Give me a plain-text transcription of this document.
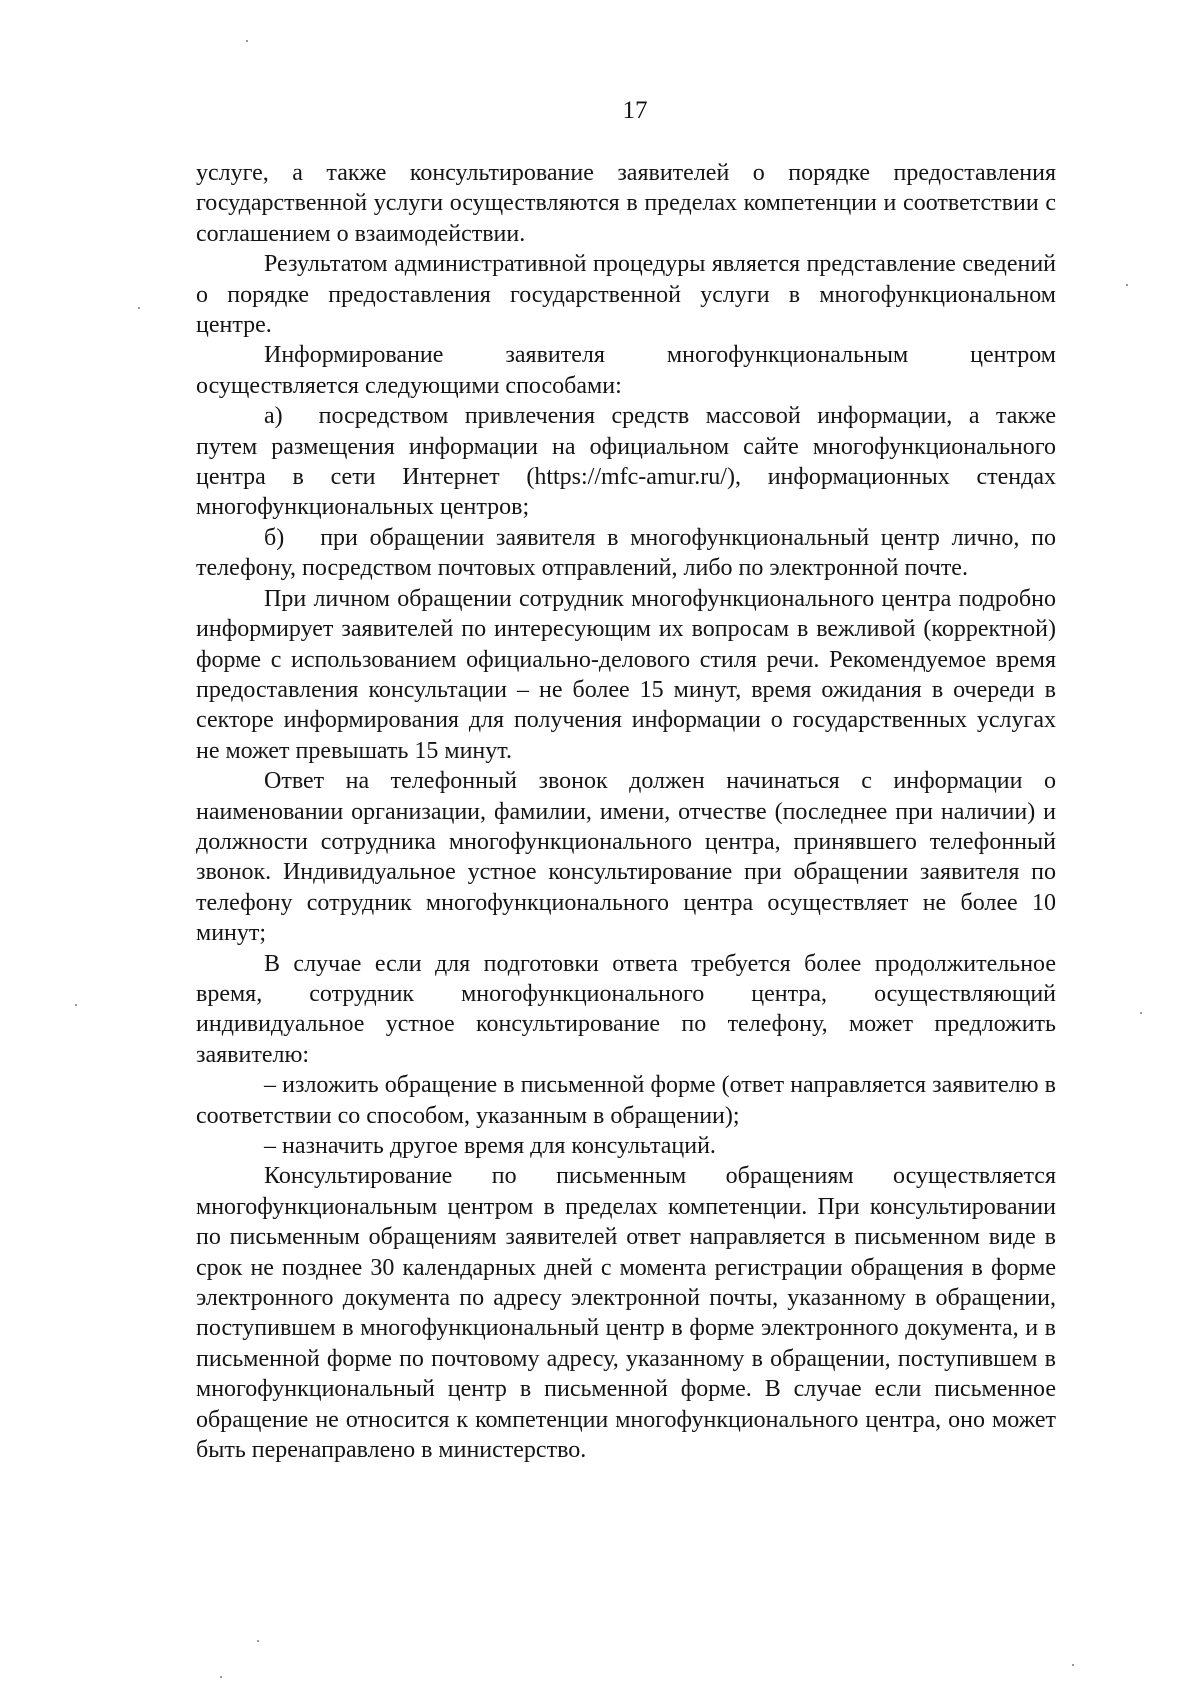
17

услуге, а также консультирование заявителей о порядке предоставления государственной услуги осуществляются в пределах компетенции и соответствии с соглашением о взаимодействии.

Результатом административной процедуры является представление сведений о порядке предоставления государственной услуги в многофункциональном центре.

Информирование заявителя многофункциональным центром осуществляется следующими способами:

а)  посредством привлечения средств массовой информации, а также путем размещения информации на официальном сайте многофункционального центра в сети Интернет (https://mfc-amur.ru/), информационных стендах многофункциональных центров;

б)  при обращении заявителя в многофункциональный центр лично, по телефону, посредством почтовых отправлений, либо по электронной почте.

При личном обращении сотрудник многофункционального центра подробно информирует заявителей по интересующим их вопросам в вежливой (корректной) форме с использованием официально-делового стиля речи. Рекомендуемое время предоставления консультации – не более 15 минут, время ожидания в очереди в секторе информирования для получения информации о государственных услугах не может превышать 15 минут.

Ответ на телефонный звонок должен начинаться с информации о наименовании организации, фамилии, имени, отчестве (последнее при наличии) и должности сотрудника многофункционального центра, принявшего телефонный звонок. Индивидуальное устное консультирование при обращении заявителя по телефону сотрудник многофункционального центра осуществляет не более 10 минут;

В случае если для подготовки ответа требуется более продолжительное время, сотрудник многофункционального центра, осуществляющий индивидуальное устное консультирование по телефону, может предложить заявителю:

– изложить обращение в письменной форме (ответ направляется заявителю в соответствии со способом, указанным в обращении);

– назначить другое время для консультаций.

Консультирование по письменным обращениям осуществляется многофункциональным центром в пределах компетенции. При консультировании по письменным обращениям заявителей ответ направляется в письменном виде в срок не позднее 30 календарных дней с момента регистрации обращения в форме электронного документа по адресу электронной почты, указанному в обращении, поступившем в многофункциональный центр в форме электронного документа, и в письменной форме по почтовому адресу, указанному в обращении, поступившем в многофункциональный центр в письменной форме. В случае если письменное обращение не относится к компетенции многофункционального центра, оно может быть перенаправлено в министерство.
